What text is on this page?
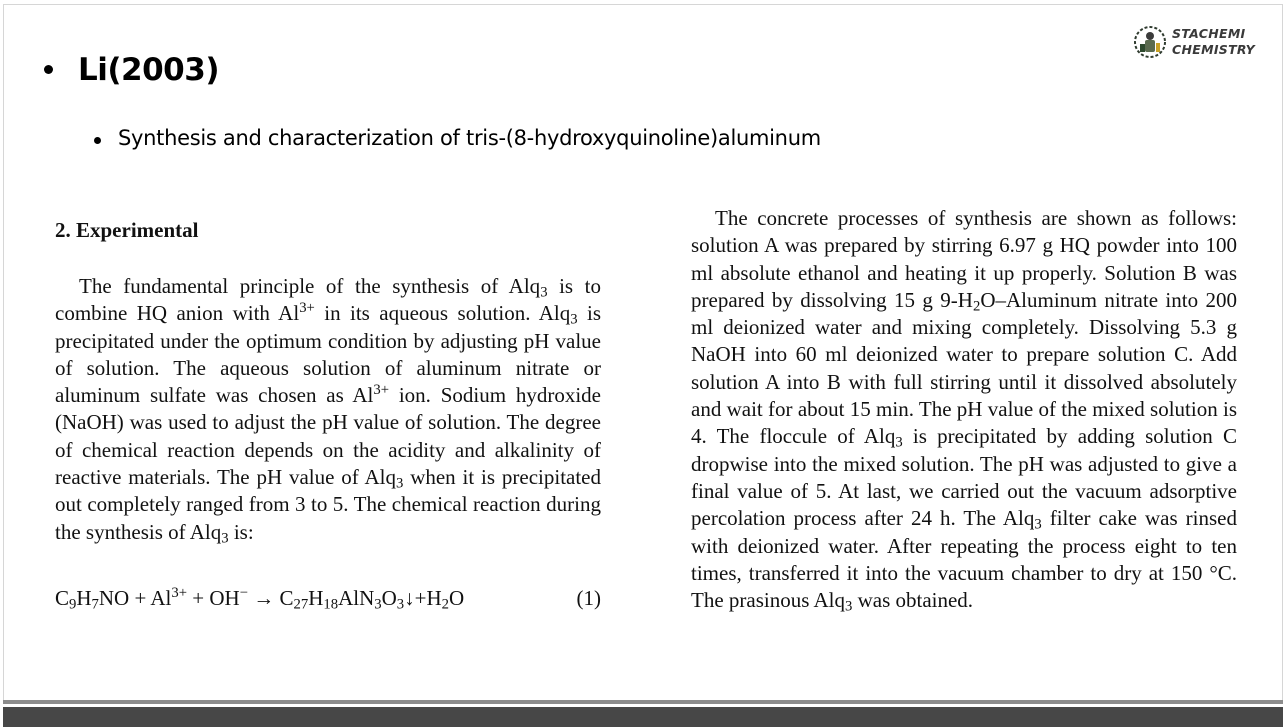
STACHEMI
CHEMISTRY
Li(2003)
Synthesis and characterization of tris-(8-hydroxyquinoline)aluminum
2. Experimental

The fundamental principle of the synthesis of Alq$_3$ is to combine HQ anion with $Al^{3+}$ in its aqueous solution. Alq$_3$ is precipitated under the optimum condition by adjusting pH value of solution. The aqueous solution of aluminum nitrate or aluminum sulfate was chosen as $Al^{3+}$ ion. Sodium hydroxide (NaOH) was used to adjust the pH value of solution. The degree of chemical reaction depends on the acidity and alkalinity of reactive materials. The pH value of Alq$_3$ when it is precipitated out completely ranged from 3 to 5. The chemical reaction during the synthesis of Alq$_3$ is:

$C_9H_7NO + Al^{3+} + OH^-$ → $C_{27}H_{18}AlN_3O_3↓+H_2O$	(1)

The concrete processes of synthesis are shown as follows: solution A was prepared by stirring 6.97 g HQ powder into 100 ml absolute ethanol and heating it up properly. Solution B was prepared by dissolving 15 g $9-H_2O$–Aluminum nitrate into 200 ml deionized water and mixing completely. Dissolving 5.3 g NaOH into 60 ml deionized water to prepare solution C. Add solution A into B with full stirring until it dissolved absolutely and wait for about 15 min. The pH value of the mixed solution is 4. The floccule of Alq$_3$ is precipitated by adding solution C dropwise into the mixed solution. The pH was adjusted to give a final value of 5. At last, we carried out the vacuum adsorptive percolation process after 24 h. The Alq$_3$ filter cake was rinsed with deionized water. After repeating the process eight to ten times, transferred it into the vacuum chamber to dry at 150 °C. The prasinous Alq$_3$ was obtained.
